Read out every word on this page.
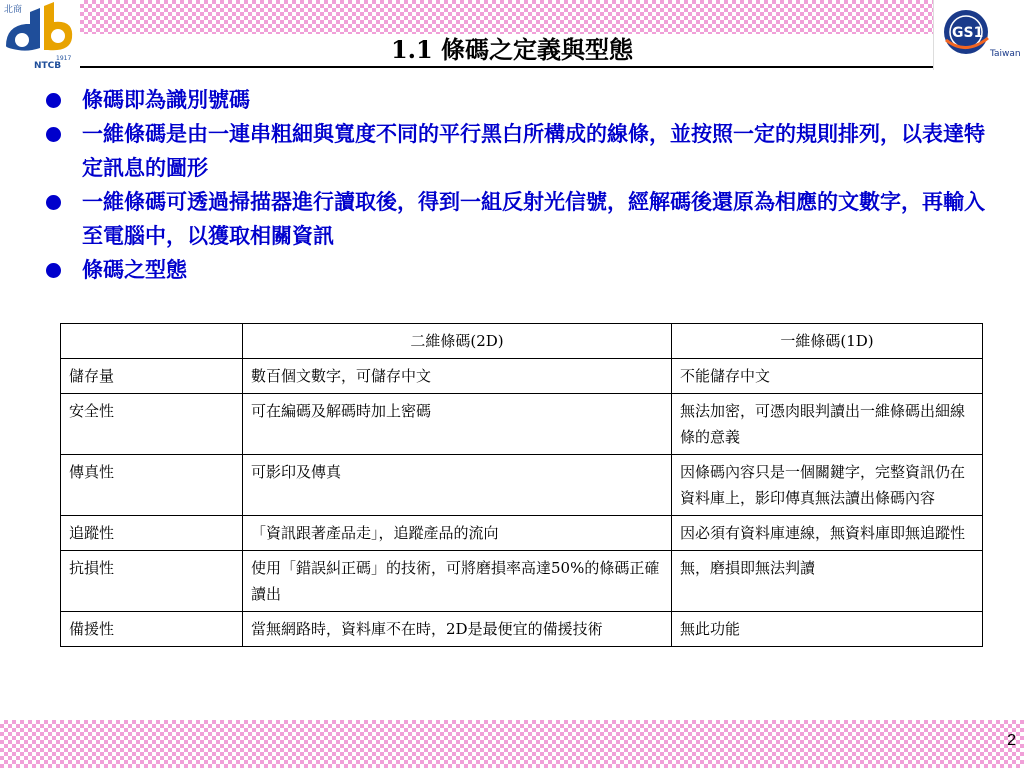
北商
1917
NTCB
GS1
Taiwan
1.1 條碼之定義與型態
條碼即為識別號碼
一維條碼是由一連串粗細與寬度不同的平行黑白所構成的線條，並按照一定的規則排列，以表達特定訊息的圖形
一維條碼可透過掃描器進行讀取後，得到一組反射光信號，經解碼後還原為相應的文數字，再輸入至電腦中，以獲取相關資訊
條碼之型態
	二維條碼(2D)	一維條碼(1D)
儲存量	數百個文數字，可儲存中文	不能儲存中文
安全性	可在編碼及解碼時加上密碼	無法加密，可憑肉眼判讀出一維條碼出細線條的意義
傳真性	可影印及傳真	因條碼內容只是一個關鍵字，完整資訊仍在資料庫上，影印傳真無法讀出條碼內容
追蹤性	「資訊跟著產品走」，追蹤產品的流向	因必須有資料庫連線，無資料庫即無追蹤性
抗損性	使用「錯誤糾正碼」的技術，可將磨損率高達50%的條碼正確讀出	無，磨損即無法判讀
備援性	當無網路時，資料庫不在時，2D是最便宜的備援技術	無此功能
2
